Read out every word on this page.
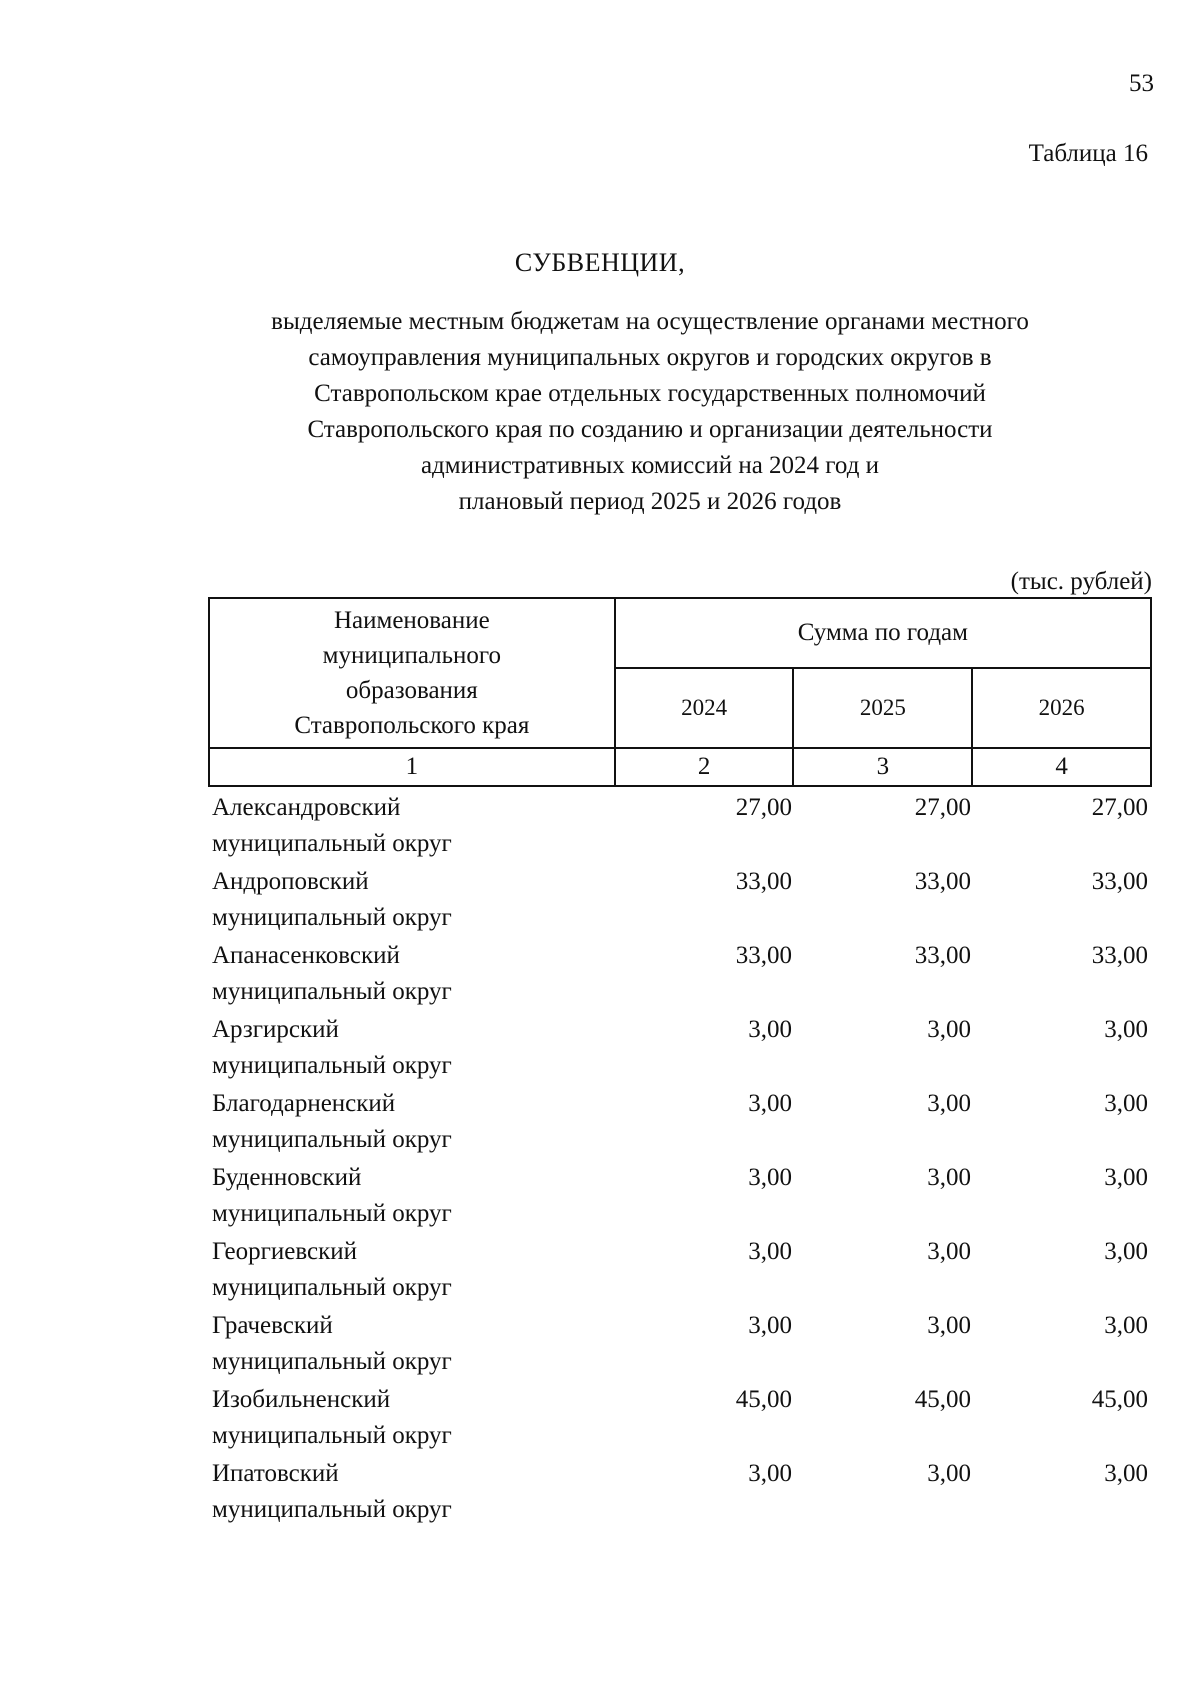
53
Таблица 16
СУБВЕНЦИИ,
выделяемые местным бюджетам на осуществление органами местного
самоуправления муниципальных округов и городских округов в
Ставропольском крае отдельных государственных полномочий
Ставропольского края по созданию и организации деятельности
административных комиссий на 2024 год и
плановый период 2025 и 2026 годов
(тыс. рублей)
Наименование
муниципального
образования
Ставропольского края	Сумма по годам		
	2024	2025	2026
1	2	3	4
Александровский
муниципальный округ
27,00	27,00	27,00
Андроповский
муниципальный округ
33,00	33,00	33,00
Апанасенковский
муниципальный округ
33,00	33,00	33,00
Арзгирский
муниципальный округ
3,00	3,00	3,00
Благодарненский
муниципальный округ
3,00	3,00	3,00
Буденновский
муниципальный округ
3,00	3,00	3,00
Георгиевский
муниципальный округ
3,00	3,00	3,00
Грачевский
муниципальный округ
3,00	3,00	3,00
Изобильненский
муниципальный округ
45,00	45,00	45,00
Ипатовский
муниципальный округ
3,00	3,00	3,00
